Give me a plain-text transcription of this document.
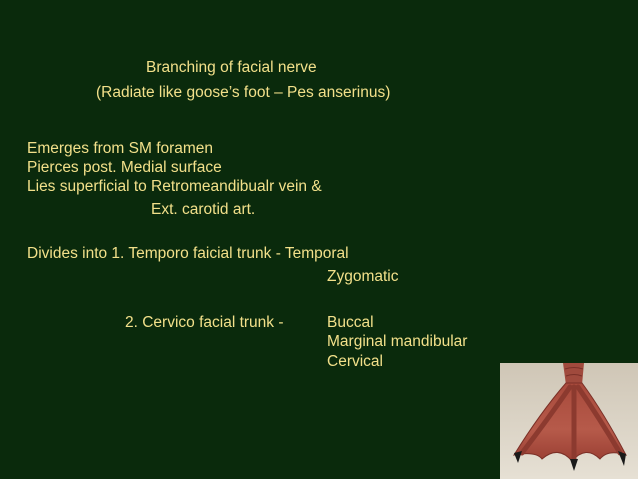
Branching of facial nerve

(Radiate like goose’s foot – Pes anserinus)

Emerges from SM foramen

Pierces post. Medial surface

Lies superficial to Retromeandibualr vein &

Ext. carotid art.

Divides into 1. Temporo faicial trunk - Temporal

Zygomatic

2. Cervico facial trunk -	Buccal

Marginal mandibular

Cervical
